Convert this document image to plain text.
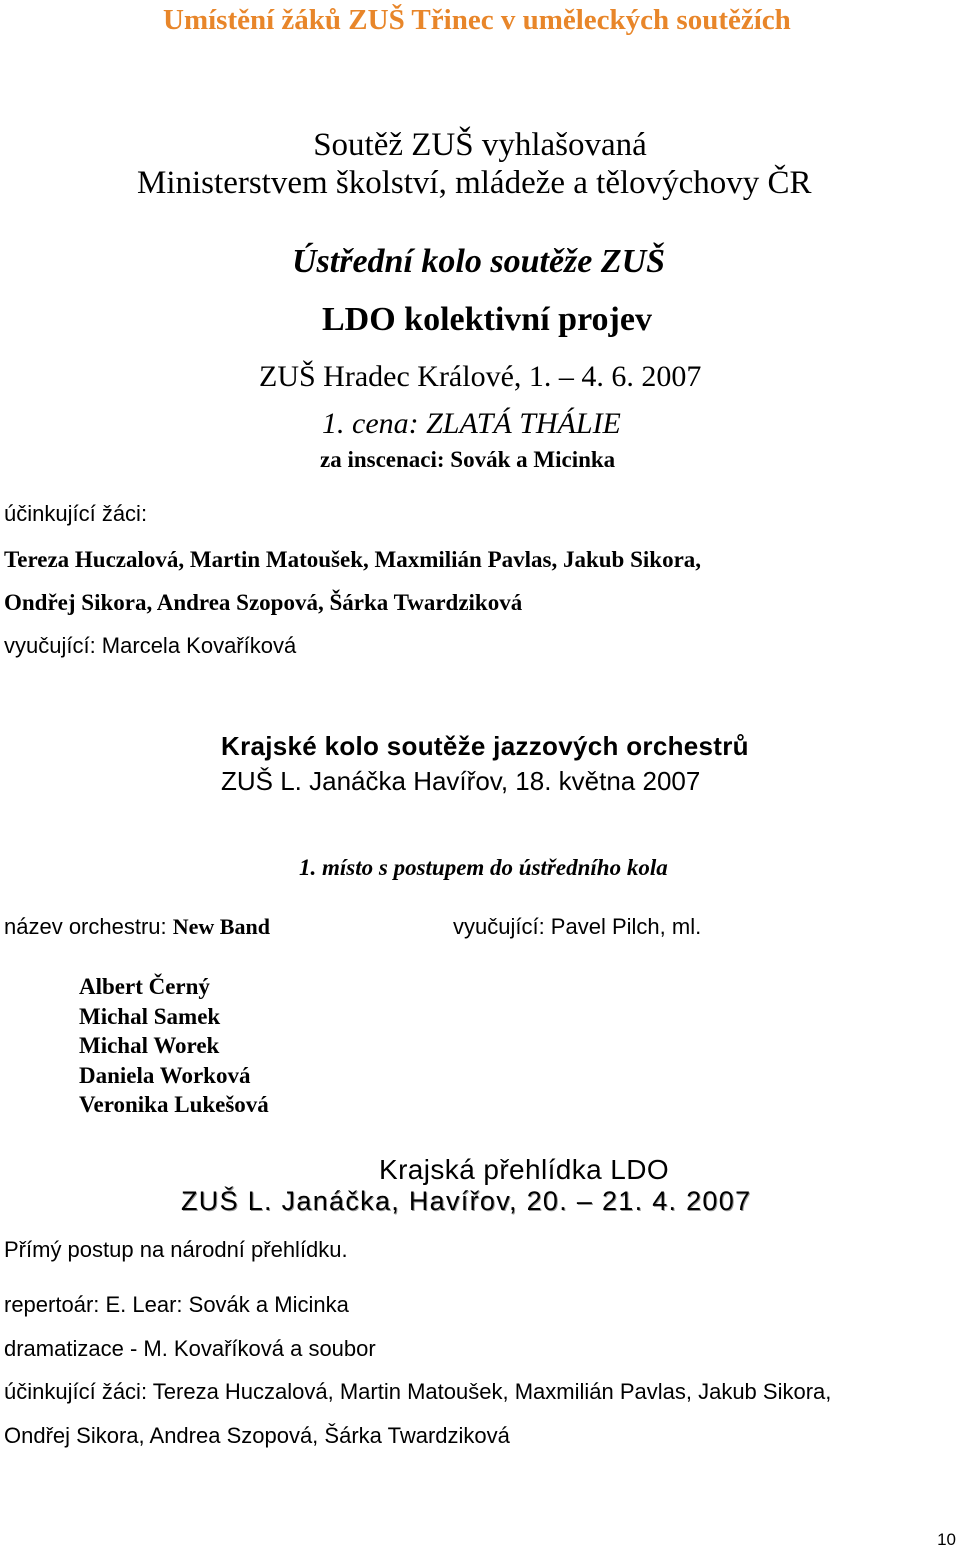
Umístění žáků ZUŠ Třinec v uměleckých soutěžích
Soutěž ZUŠ vyhlašovaná
Ministerstvem školství, mládeže a tělovýchovy ČR
Ústřední kolo soutěže ZUŠ
LDO kolektivní projev
ZUŠ Hradec Králové, 1. – 4. 6. 2007
1. cena: ZLATÁ THÁLIE
za inscenaci: Sovák a Micinka
účinkující žáci:
Tereza Huczalová, Martin Matoušek, Maxmilián Pavlas, Jakub Sikora,
Ondřej Sikora, Andrea Szopová, Šárka Twardziková
vyučující: Marcela Kovaříková
Krajské kolo soutěže jazzových orchestrů
ZUŠ L. Janáčka Havířov, 18. května 2007
1. místo s postupem do ústředního kola
název orchestru: New Band	vyučující: Pavel Pilch, ml.
Albert Černý
Michal Samek
Michal Worek
Daniela Worková
Veronika Lukešová
Krajská přehlídka LDO
ZUŠ L. Janáčka, Havířov, 20. – 21. 4. 2007
Přímý postup na národní přehlídku.
repertoár: E. Lear: Sovák a Micinka
dramatizace - M. Kovaříková a soubor
účinkující žáci: Tereza Huczalová, Martin Matoušek, Maxmilián Pavlas, Jakub Sikora,
Ondřej Sikora, Andrea Szopová, Šárka Twardziková
10
